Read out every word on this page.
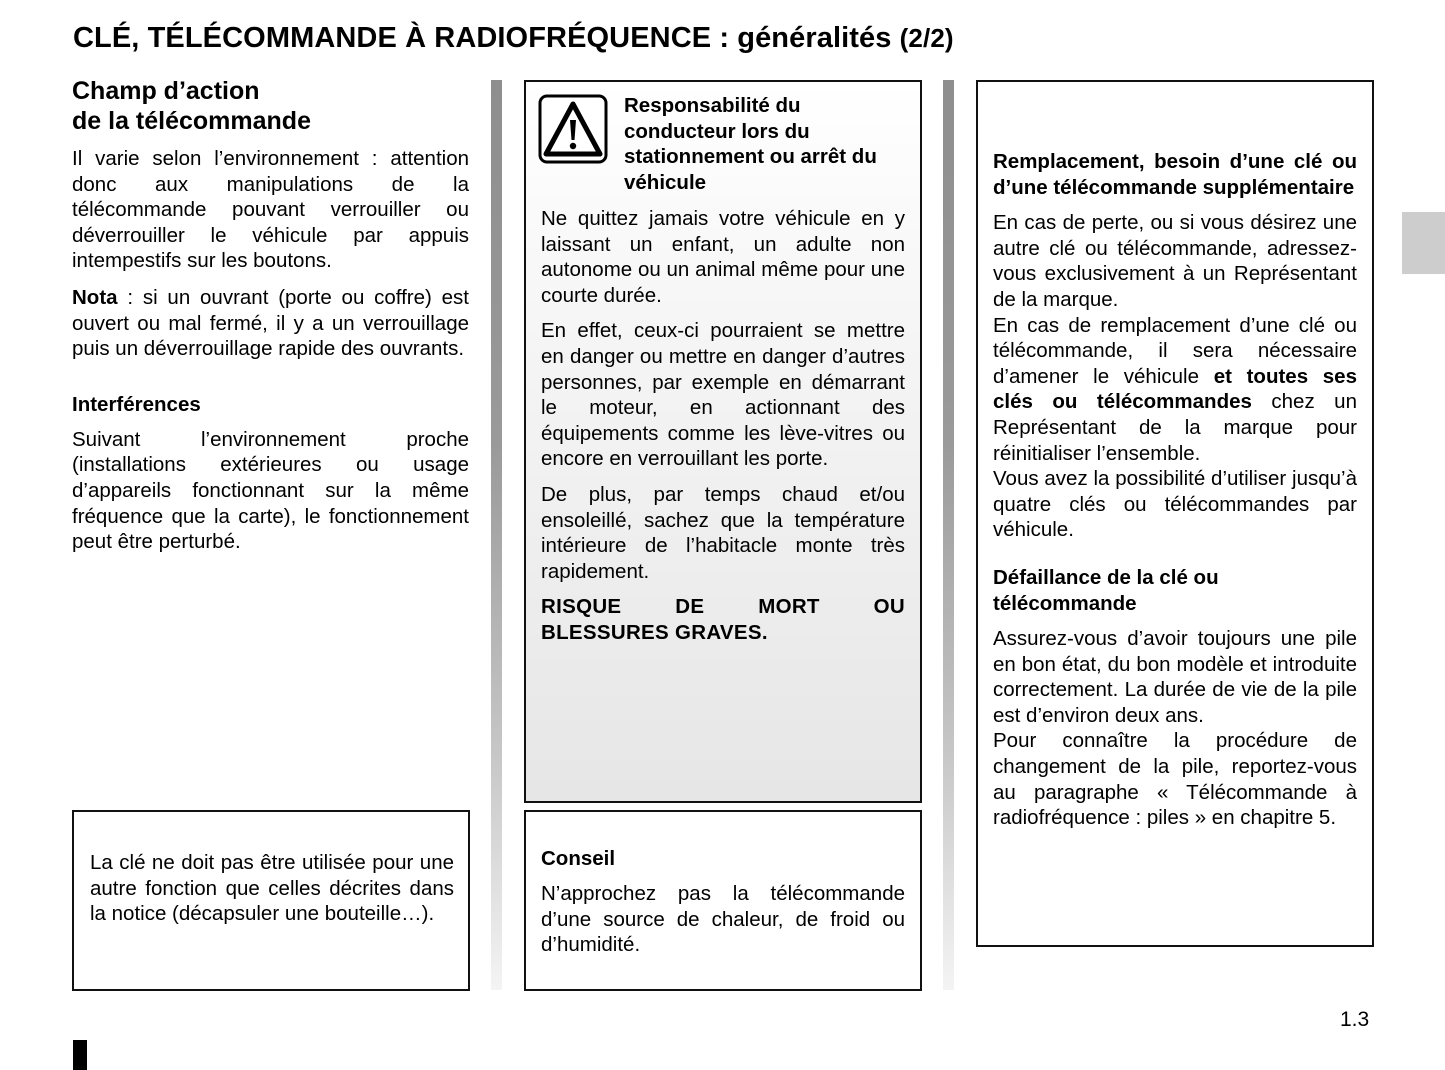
CLÉ, TÉLÉCOMMANDE À RADIOFRÉQUENCE : généralités (2/2)
Champ d’action
de la télécommande

Il varie selon l’environnement : attention donc aux manipulations de la télécommande pouvant verrouiller ou déverrouiller le véhicule par appuis intempestifs sur les boutons.

Nota : si un ouvrant (porte ou coffre) est ouvert ou mal fermé, il y a un verrouillage puis un déverrouillage rapide des ouvrants.

Interférences

Suivant l’environnement proche (installations extérieures ou usage d’appareils fonctionnant sur la même fréquence que la carte), le fonctionnement peut être perturbé.

La clé ne doit pas être utilisée pour une autre fonction que celles décrites dans la notice (décapsuler une bouteille…).

Responsabilité du conducteur lors du stationnement ou arrêt du véhicule

Ne quittez jamais votre véhicule en y laissant un enfant, un adulte non autonome ou un animal même pour une courte durée.

En effet, ceux-ci pourraient se mettre en danger ou mettre en danger d’autres personnes, par exemple en démarrant le moteur, en actionnant des équipements comme les lève-vitres ou encore en verrouillant les porte.

De plus, par temps chaud et/ou ensoleillé, sachez que la température intérieure de l’habitacle monte très rapidement.

RISQUE	DE	MORT	OU
BLESSURES GRAVES.
Conseil

N’approchez pas la télécommande d’une source de chaleur, de froid ou d’humidité.

Remplacement, besoin d’une clé ou d’une télécommande supplémentaire

En cas de perte, ou si vous désirez une autre clé ou télécommande, adressez-vous exclusivement à un Représentant de la marque.

En cas de remplacement d’une clé ou télécommande, il sera nécessaire d’amener le véhicule et toutes ses clés ou télécommandes chez un Représentant de la marque pour réinitialiser l’ensemble.

Vous avez la possibilité d’utiliser jusqu’à quatre clés ou télécommandes par véhicule.

Défaillance de la clé ou télécommande

Assurez-vous d’avoir toujours une pile en bon état, du bon modèle et introduite correctement. La durée de vie de la pile est d’environ deux ans.

Pour connaître la procédure de changement de la pile, reportez-vous au paragraphe « Télécommande à radiofréquence : piles » en chapitre 5.

1.3
